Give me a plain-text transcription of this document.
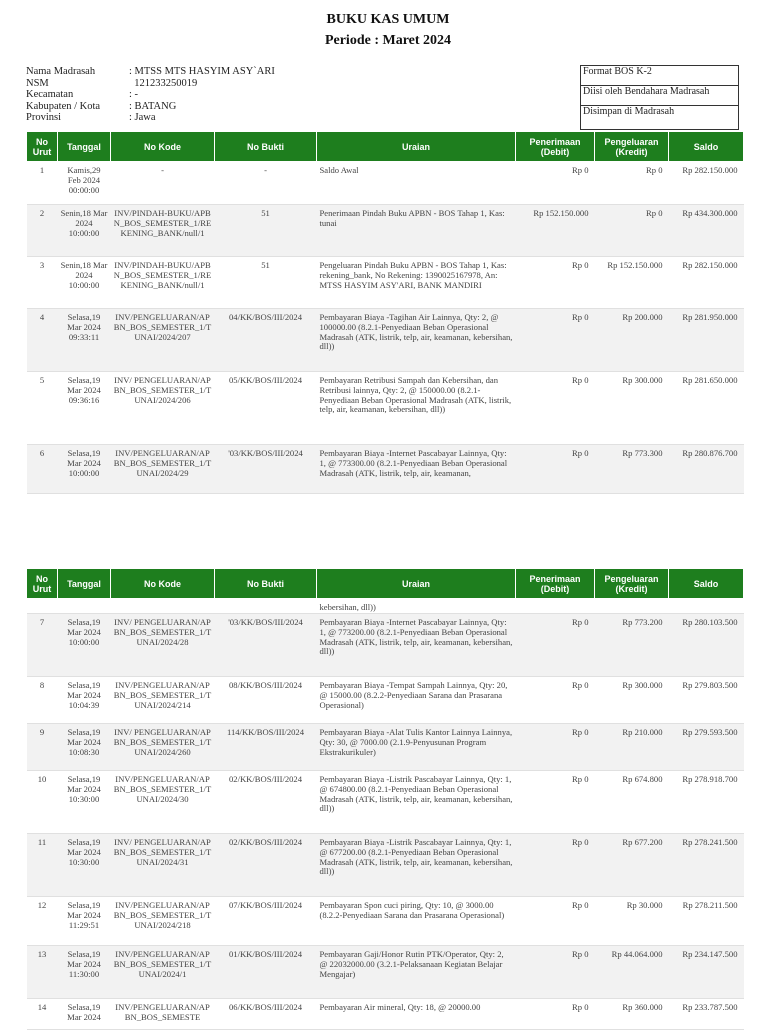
BUKU KAS UMUM
Periode : Maret 2024
Nama Madrasah	: MTSS MTS HASYIM ASY`ARI
NSM	121233250019
Kecamatan	: -
Kabupaten / Kota	: BATANG
Provinsi	: Jawa
Format BOS K-2
Diisi oleh Bendahara Madrasah
Disimpan di Madrasah
No Urut	Tanggal	No Kode	No Bukti	Uraian	Penerimaan (Debit)	Pengeluaran (Kredit)	Saldo
1	Kamis,29 Feb 2024 00:00:00	-	-	Saldo Awal	Rp 0	Rp 0	Rp 282.150.000
2	Senin,18 Mar 2024 10:00:00	INV/PINDAH-BUKU/APBN_BOS_SEMESTER_1/REKENING_BANK/null/1	51	Penerimaan Pindah Buku APBN - BOS Tahap 1, Kas: tunai	Rp 152.150.000	Rp 0	Rp 434.300.000
3	Senin,18 Mar 2024 10:00:00	INV/PINDAH-BUKU/APBN_BOS_SEMESTER_1/REKENING_BANK/null/1	51	Pengeluaran Pindah Buku APBN - BOS Tahap 1, Kas: rekening_bank, No Rekening: 1390025167978, An: MTSS HASYIM ASY'ARI, BANK MANDIRI	Rp 0	Rp 152.150.000	Rp 282.150.000
4	Selasa,19 Mar 2024 09:33:11	INV/PENGELUARAN/APBN_BOS_SEMESTER_1/TUNAI/2024/207	04/KK/BOS/III/2024	Pembayaran Biaya -Tagihan Air Lainnya, Qty: 2, @ 100000.00 (8.2.1-Penyediaan Beban Operasional Madrasah (ATK, listrik, telp, air, keamanan, kebersihan, dll))	Rp 0	Rp 200.000	Rp 281.950.000
5	Selasa,19 Mar 2024 09:36:16	INV/ PENGELUARAN/APBN_BOS_SEMESTER_1/TUNAI/2024/206	05/KK/BOS/III/2024	Pembayaran Retribusi Sampah dan Kebersihan, dan Retribusi lainnya, Qty: 2, @ 150000.00 (8.2.1-Penyediaan Beban Operasional Madrasah (ATK, listrik, telp, air, keamanan, kebersihan, dll))	Rp 0	Rp 300.000	Rp 281.650.000
6	Selasa,19 Mar 2024 10:00:00	INV/PENGELUARAN/APBN_BOS_SEMESTER_1/TUNAI/2024/29	'03/KK/BOS/III/2024	Pembayaran Biaya -Internet Pascabayar Lainnya, Qty: 1, @ 773300.00 (8.2.1-Penyediaan Beban Operasional Madrasah (ATK, listrik, telp, air, keamanan,	Rp 0	Rp 773.300	Rp 280.876.700
No Urut	Tanggal	No Kode	No Bukti	Uraian	Penerimaan (Debit)	Pengeluaran (Kredit)	Saldo
				kebersihan, dll))			
7	Selasa,19 Mar 2024 10:00:00	INV/ PENGELUARAN/APBN_BOS_SEMESTER_1/TUNAI/2024/28	'03/KK/BOS/III/2024	Pembayaran Biaya -Internet Pascabayar Lainnya, Qty: 1, @ 773200.00 (8.2.1-Penyediaan Beban Operasional Madrasah (ATK, listrik, telp, air, keamanan, kebersihan, dll))	Rp 0	Rp 773.200	Rp 280.103.500
8	Selasa,19 Mar 2024 10:04:39	INV/PENGELUARAN/APBN_BOS_SEMESTER_1/TUNAI/2024/214	08/KK/BOS/III/2024	Pembayaran Biaya -Tempat Sampah Lainnya, Qty: 20, @ 15000.00 (8.2.2-Penyediaan Sarana dan Prasarana Operasional)	Rp 0	Rp 300.000	Rp 279.803.500
9	Selasa,19 Mar 2024 10:08:30	INV/ PENGELUARAN/APBN_BOS_SEMESTER_1/TUNAI/2024/260	114/KK/BOS/III/2024	Pembayaran Biaya -Alat Tulis Kantor Lainnya Lainnya, Qty: 30, @ 7000.00 (2.1.9-Penyusunan Program Ekstrakurikuler)	Rp 0	Rp 210.000	Rp 279.593.500
10	Selasa,19 Mar 2024 10:30:00	INV/PENGELUARAN/APBN_BOS_SEMESTER_1/TUNAI/2024/30	02/KK/BOS/III/2024	Pembayaran Biaya -Listrik Pascabayar Lainnya, Qty: 1, @ 674800.00 (8.2.1-Penyediaan Beban Operasional Madrasah (ATK, listrik, telp, air, keamanan, kebersihan, dll))	Rp 0	Rp 674.800	Rp 278.918.700
11	Selasa,19 Mar 2024 10:30:00	INV/ PENGELUARAN/APBN_BOS_SEMESTER_1/TUNAI/2024/31	02/KK/BOS/III/2024	Pembayaran Biaya -Listrik Pascabayar Lainnya, Qty: 1, @ 677200.00 (8.2.1-Penyediaan Beban Operasional Madrasah (ATK, listrik, telp, air, keamanan, kebersihan, dll))	Rp 0	Rp 677.200	Rp 278.241.500
12	Selasa,19 Mar 2024 11:29:51	INV/PENGELUARAN/APBN_BOS_SEMESTER_1/TUNAI/2024/218	07/KK/BOS/III/2024	Pembayaran Spon cuci piring, Qty: 10, @ 3000.00 (8.2.2-Penyediaan Sarana dan Prasarana Operasional)	Rp 0	Rp 30.000	Rp 278.211.500
13	Selasa,19 Mar 2024 11:30:00	INV/PENGELUARAN/APBN_BOS_SEMESTER_1/TUNAI/2024/1	01/KK/BOS/III/2024	Pembayaran Gaji/Honor Rutin PTK/Operator, Qty: 2, @ 22032000.00 (3.2.1-Pelaksanaan Kegiatan Belajar Mengajar)	Rp 0	Rp 44.064.000	Rp 234.147.500
14	Selasa,19 Mar 2024	INV/PENGELUARAN/APBN_BOS_SEMESTE	06/KK/BOS/III/2024	Pembayaran Air mineral, Qty: 18, @ 20000.00	Rp 0	Rp 360.000	Rp 233.787.500
